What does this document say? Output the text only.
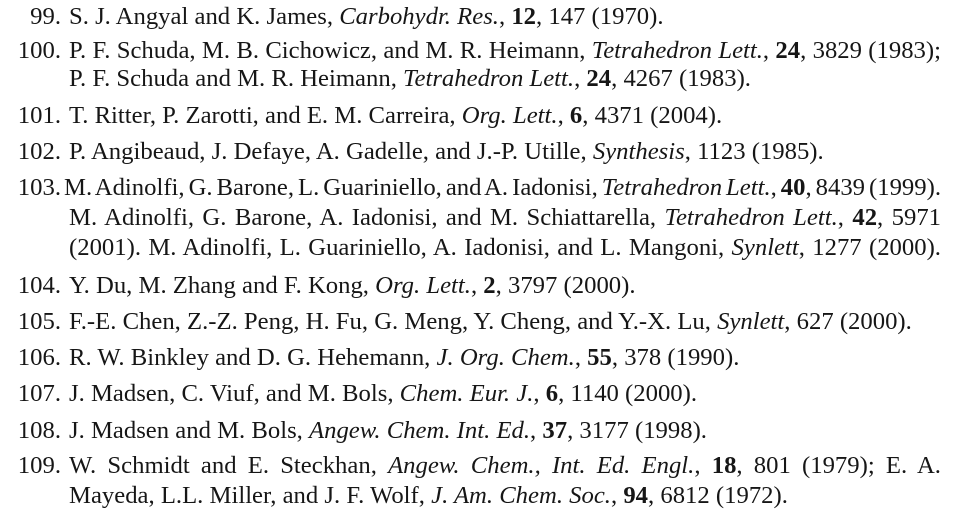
99. S. J. Angyal and K. James, Carbohydr. Res., 12, 147 (1970).
100. P. F. Schuda, M. B. Cichowicz, and M. R. Heimann, Tetrahedron Lett., 24, 3829 (1983);
P. F. Schuda and M. R. Heimann, Tetrahedron Lett., 24, 4267 (1983).
101. T. Ritter, P. Zarotti, and E. M. Carreira, Org. Lett., 6, 4371 (2004).
102. P. Angibeaud, J. Defaye, A. Gadelle, and J.-P. Utille, Synthesis, 1123 (1985).
103. M. Adinolfi, G. Barone, L. Guariniello, and A. Iadonisi, Tetrahedron Lett., 40, 8439 (1999).
M. Adinolfi, G. Barone, A. Iadonisi, and M. Schiattarella, Tetrahedron Lett., 42, 5971
(2001). M. Adinolfi, L. Guariniello, A. Iadonisi, and L. Mangoni, Synlett, 1277 (2000).
104. Y. Du, M. Zhang and F. Kong, Org. Lett., 2, 3797 (2000).
105. F.-E. Chen, Z.-Z. Peng, H. Fu, G. Meng, Y. Cheng, and Y.-X. Lu, Synlett, 627 (2000).
106. R. W. Binkley and D. G. Hehemann, J. Org. Chem., 55, 378 (1990).
107. J. Madsen, C. Viuf, and M. Bols, Chem. Eur. J., 6, 1140 (2000).
108. J. Madsen and M. Bols, Angew. Chem. Int. Ed., 37, 3177 (1998).
109. W. Schmidt and E. Steckhan, Angew. Chem., Int. Ed. Engl., 18, 801 (1979); E. A.
Mayeda, L.L. Miller, and J. F. Wolf, J. Am. Chem. Soc., 94, 6812 (1972).
